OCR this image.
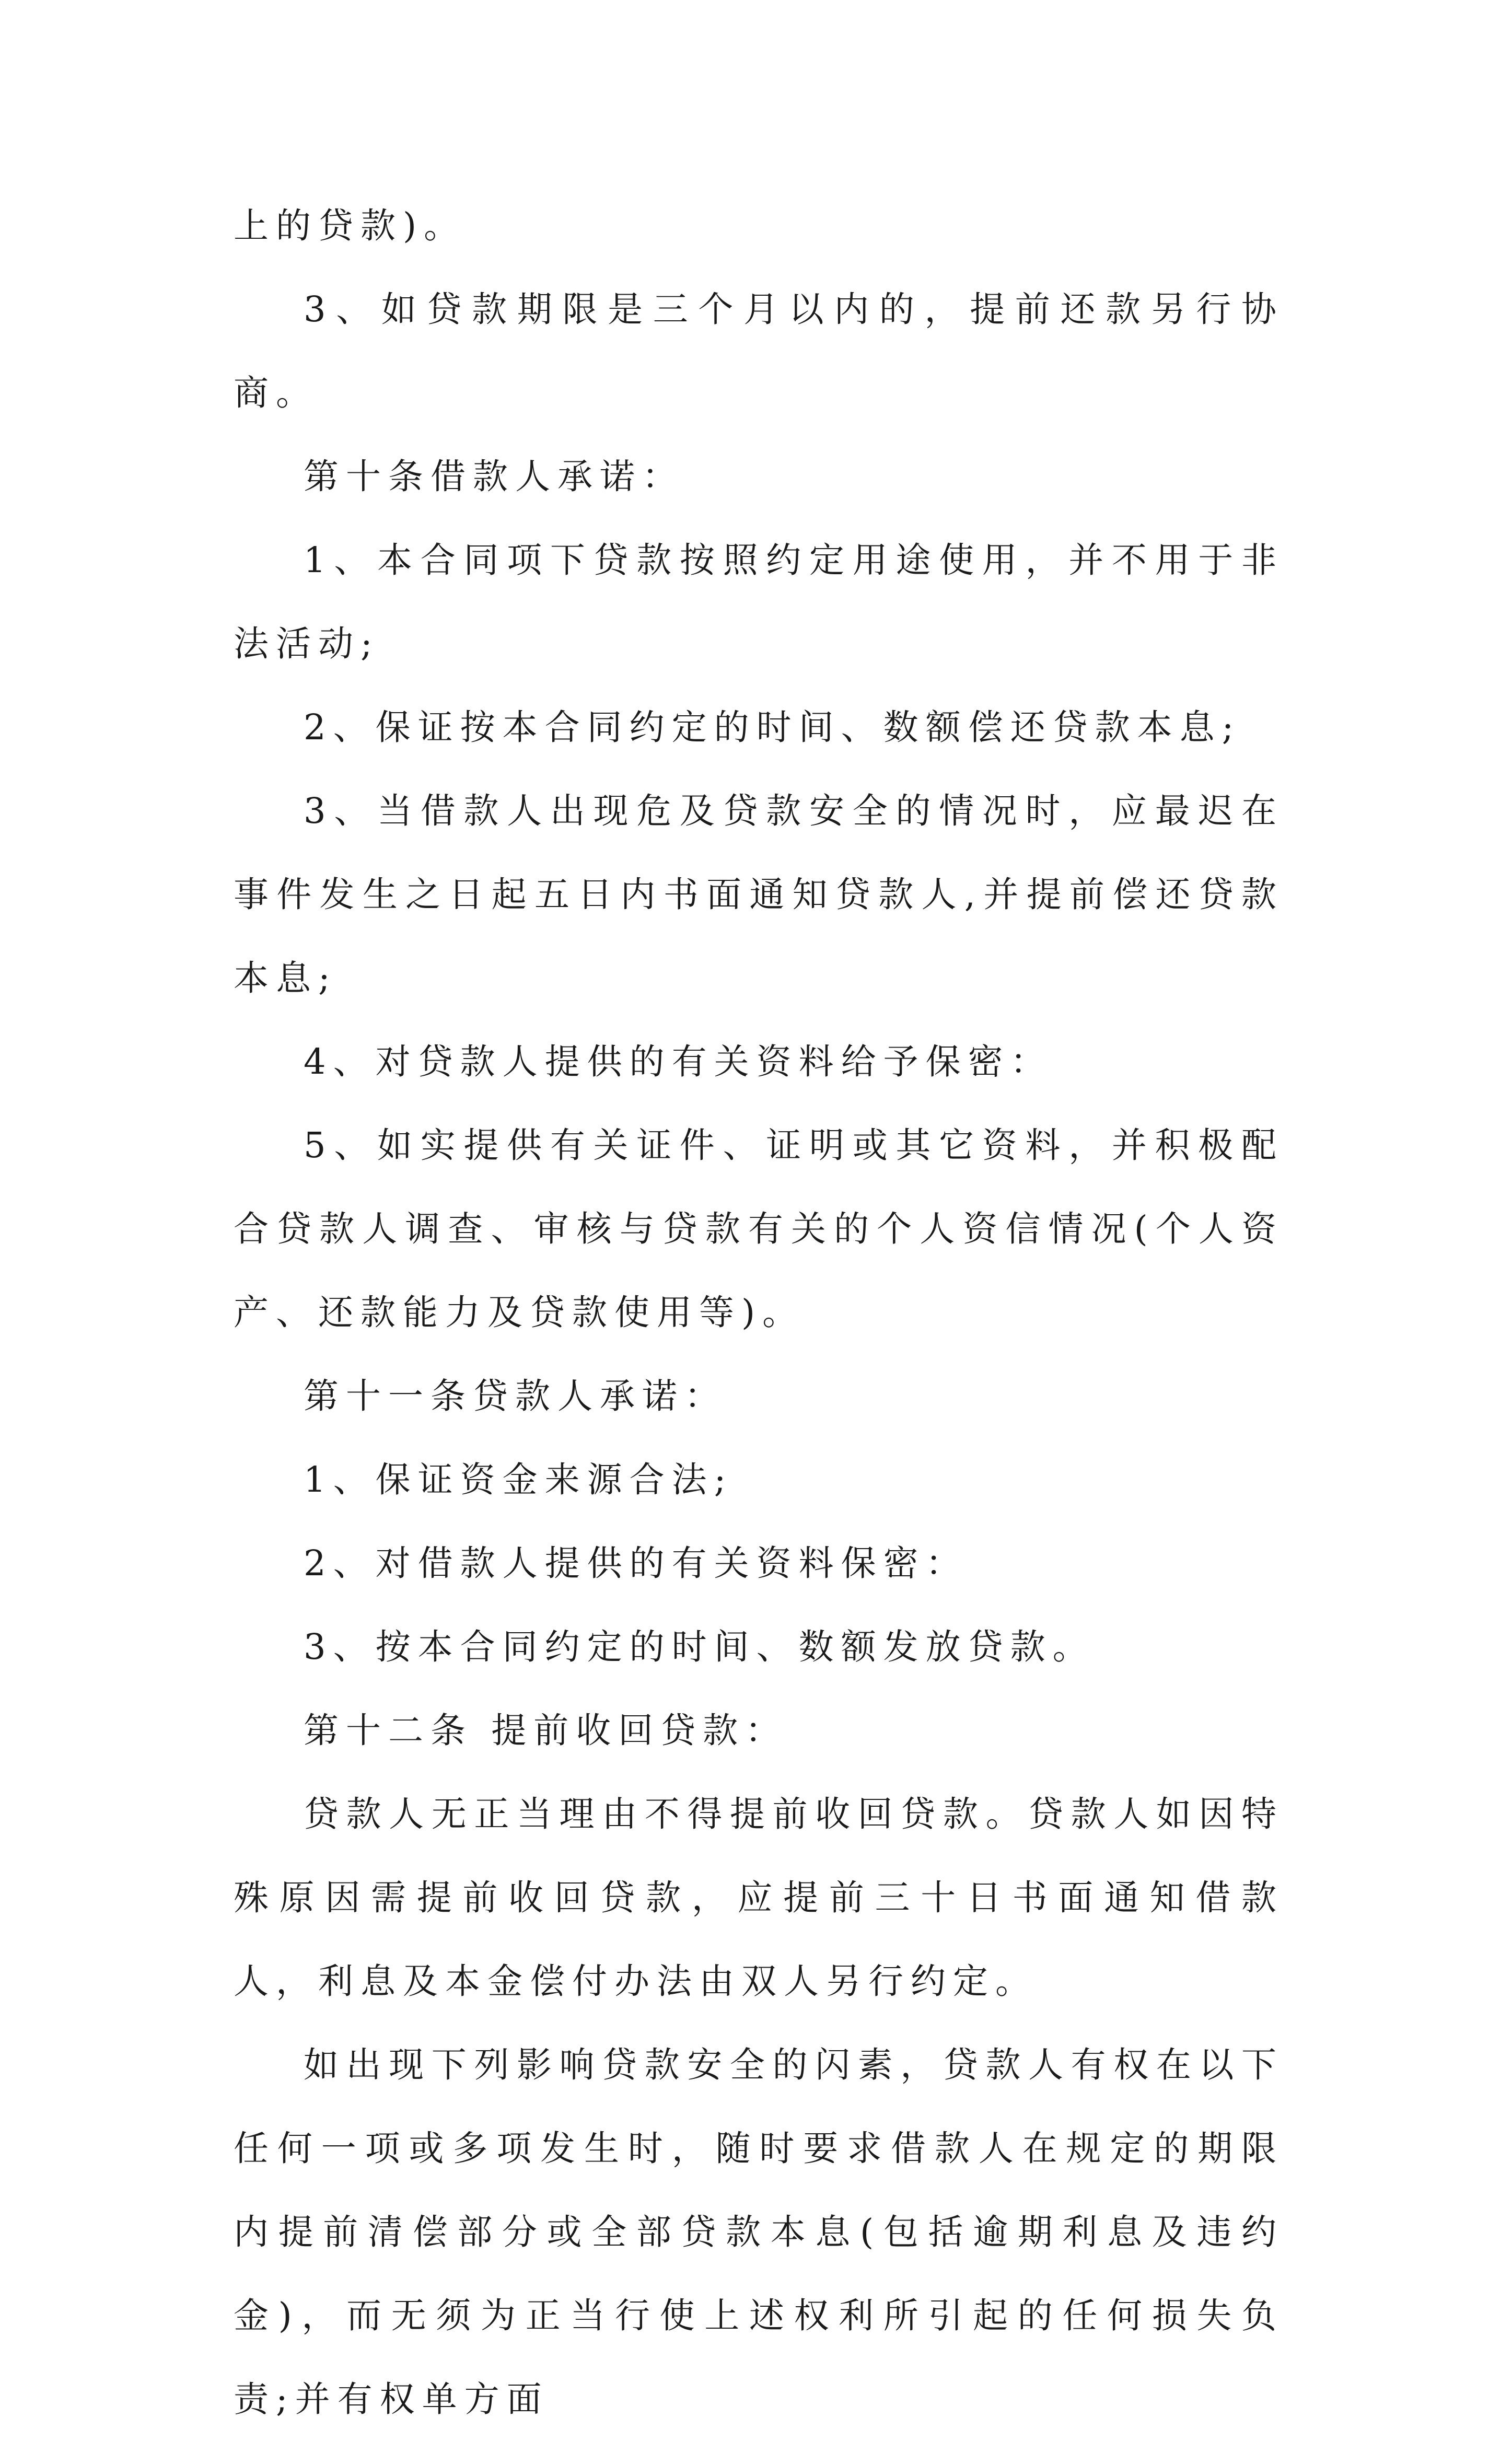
上的贷款)。

3、如贷款期限是三个月以内的，提前还款另行协商。

第十条借款人承诺：

1、本合同项下贷款按照约定用途使用，并不用于非法活动;

2、保证按本合同约定的时间、数额偿还贷款本息;

3、当借款人出现危及贷款安全的情况时，应最迟在事件发生之日起五日内书面通知贷款人,并提前偿还贷款本息;

4、对贷款人提供的有关资料给予保密：

5、如实提供有关证件、证明或其它资料，并积极配合贷款人调查、审核与贷款有关的个人资信情况(个人资产、还款能力及贷款使用等)。

第十一条贷款人承诺：

1、保证资金来源合法;

2、对借款人提供的有关资料保密：

3、按本合同约定的时间、数额发放贷款。

第十二条 提前收回贷款：

贷款人无正当理由不得提前收回贷款。贷款人如因特殊原因需提前收回贷款，应提前三十日书面通知借款人，利息及本金偿付办法由双人另行约定。

如出现下列影响贷款安全的闪素，贷款人有权在以下任何一项或多项发生时，随时要求借款人在规定的期限内提前清偿部分或全部贷款本息(包括逾期利息及违约金)，而无须为正当行使上述权利所引起的任何损失负责;并有权单方面
